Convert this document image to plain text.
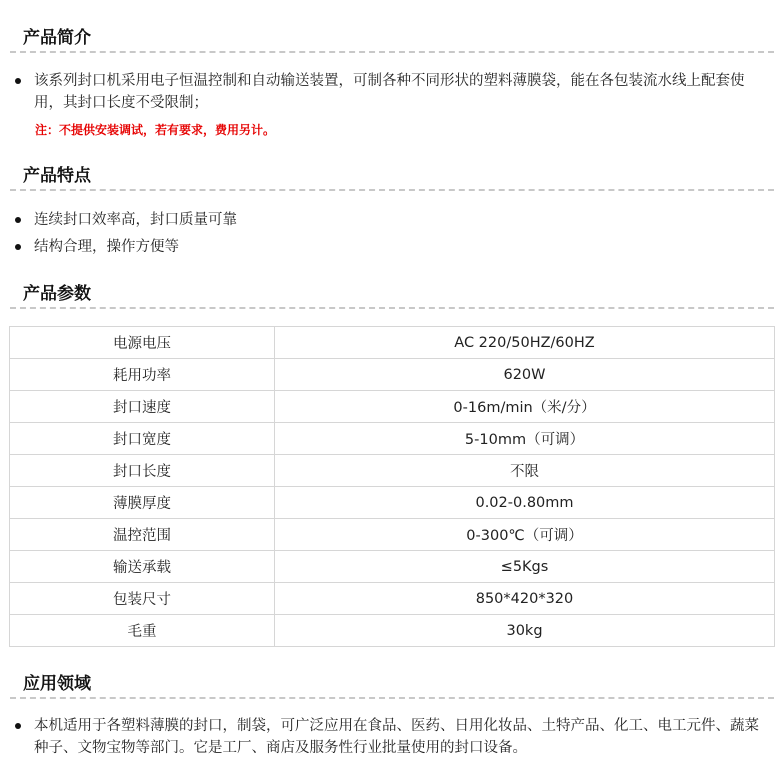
产品简介
该系列封口机采用电子恒温控制和自动输送装置，可制各种不同形状的塑料薄膜袋，能在各包装流水线上配套使用，其封口长度不受限制；
注：不提供安装调试，若有要求，费用另计。
产品特点
连续封口效率高，封口质量可靠
结构合理，操作方便等
产品参数
电源电压	AC 220/50HZ/60HZ
耗用功率	620W
封口速度	0-16m/min（米/分）
封口宽度	5-10mm（可调）
封口长度	不限
薄膜厚度	0.02-0.80mm
温控范围	0-300℃（可调）
输送承载	≤5Kgs
包装尺寸	850*420*320
毛重	30kg
应用领域
本机适用于各塑料薄膜的封口，制袋，可广泛应用在食品、医药、日用化妆品、土特产品、化工、电工元件、蔬菜种子、文物宝物等部门。它是工厂、商店及服务性行业批量使用的封口设备。
